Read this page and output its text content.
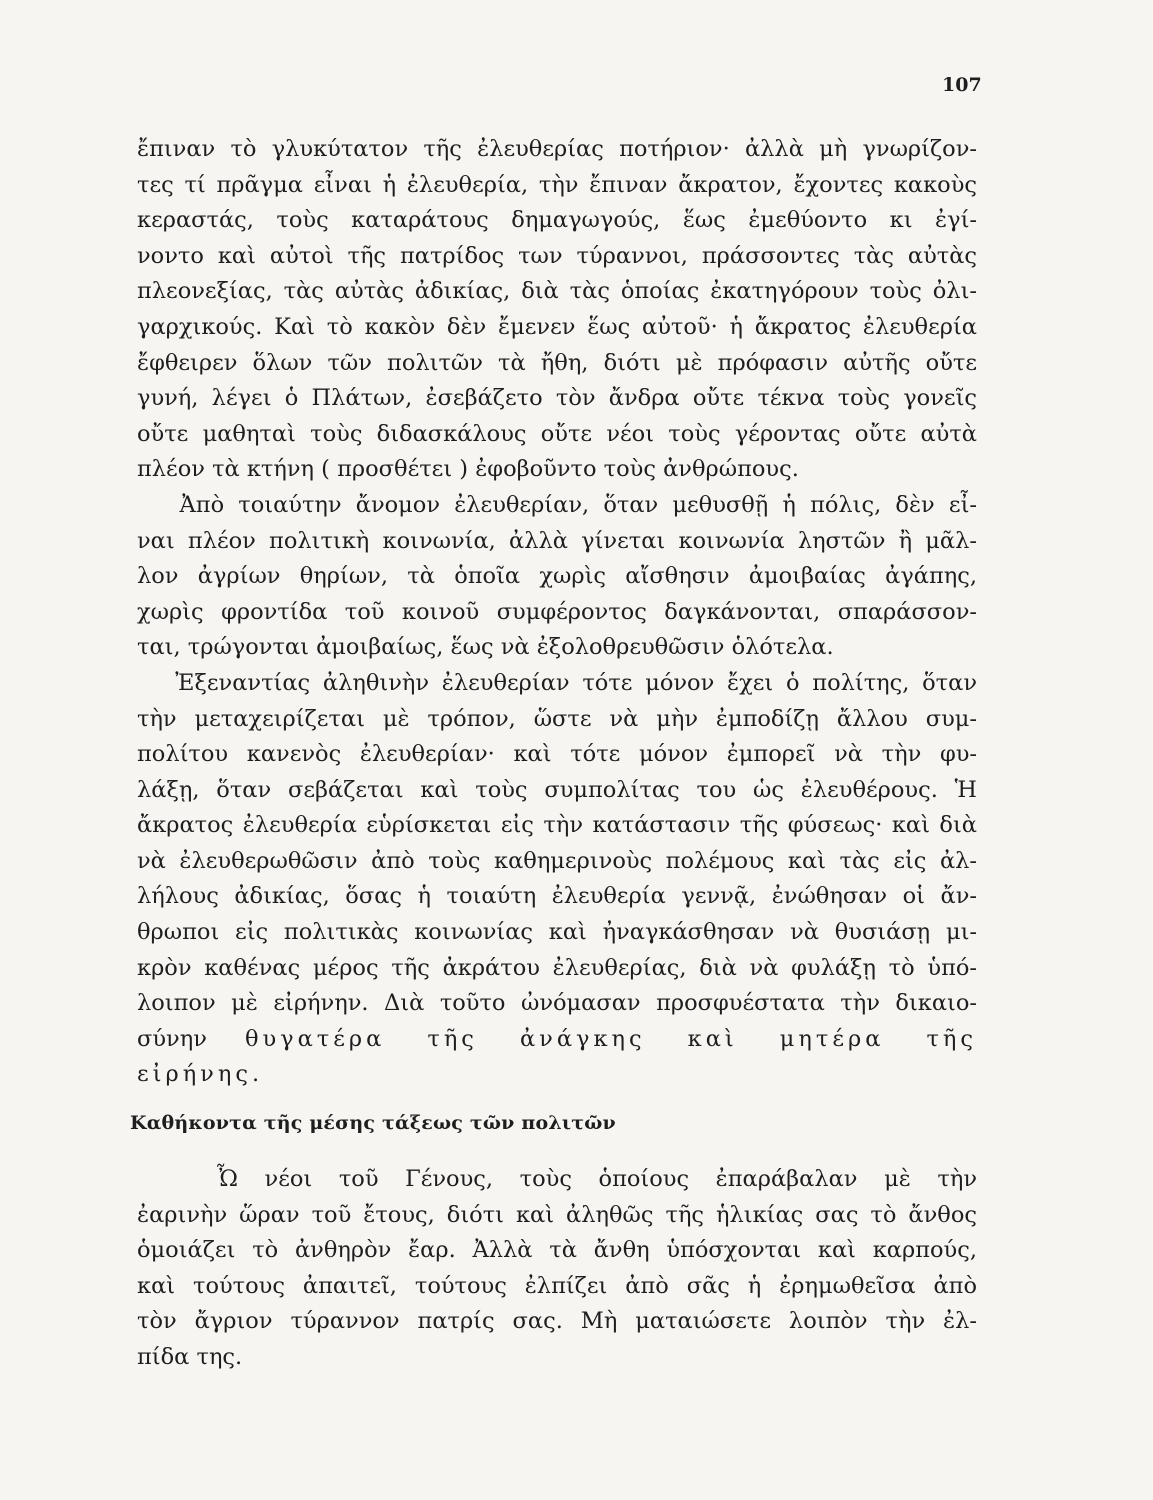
107
ἔπιναν τὸ γλυκύτατον τῆς ἐλευθερίας ποτήριον· ἀλλὰ μὴ γνωρίζον-
τες τί πρᾶγμα εἶναι ἡ ἐλευθερία, τὴν ἔπιναν ἄκρατον, ἔχοντες κακοὺς
κεραστάς, τοὺς καταράτους δημαγωγούς, ἕως ἐμεθύοντο κι ἐγί-
νοντο καὶ αὐτοὶ τῆς πατρίδος των τύραννοι, πράσσοντες τὰς αὐτὰς
πλεονεξίας, τὰς αὐτὰς ἀδικίας, διὰ τὰς ὁποίας ἐκατηγόρουν τοὺς ὀλι-
γαρχικούς. Καὶ τὸ κακὸν δὲν ἔμενεν ἕως αὐτοῦ· ἡ ἄκρατος ἐλευθερία
ἔφθειρεν ὅλων τῶν πολιτῶν τὰ ἤθη, διότι μὲ πρόφασιν αὐτῆς οὔτε
γυνή, λέγει ὁ Πλάτων, ἐσεβάζετο τὸν ἄνδρα οὔτε τέκνα τοὺς γονεῖς
οὔτε μαθηταὶ τοὺς διδασκάλους οὔτε νέοι τοὺς γέροντας οὔτε αὐτὰ
πλέον τὰ κτήνη ( προσθέτει ) ἐφοβοῦντο τοὺς ἀνθρώπους.
Ἀπὸ τοιαύτην ἄνομον ἐλευθερίαν, ὅταν μεθυσθῇ ἡ πόλις, δὲν εἶ-
ναι πλέον πολιτικὴ κοινωνία, ἀλλὰ γίνεται κοινωνία ληστῶν ἢ μᾶλ-
λον ἀγρίων θηρίων, τὰ ὁποῖα χωρὶς αἴσθησιν ἀμοιβαίας ἀγάπης,
χωρὶς φροντίδα τοῦ κοινοῦ συμφέροντος δαγκάνονται, σπαράσσον-
ται, τρώγονται ἀμοιβαίως, ἕως νὰ ἐξολοθρευθῶσιν ὁλότελα.
Ἐξεναντίας ἀληθινὴν ἐλευθερίαν τότε μόνον ἔχει ὁ πολίτης, ὅταν
τὴν μεταχειρίζεται μὲ τρόπον, ὥστε νὰ μὴν ἐμποδίζῃ ἄλλου συμ-
πολίτου κανενὸς ἐλευθερίαν· καὶ τότε μόνον ἐμπορεῖ νὰ τὴν φυ-
λάξῃ, ὅταν σεβάζεται καὶ τοὺς συμπολίτας του ὡς ἐλευθέρους. Ἡ
ἄκρατος ἐλευθερία εὑρίσκεται εἰς τὴν κατάστασιν τῆς φύσεως· καὶ διὰ
νὰ ἐλευθερωθῶσιν ἀπὸ τοὺς καθημερινοὺς πολέμους καὶ τὰς εἰς ἀλ-
λήλους ἀδικίας, ὅσας ἡ τοιαύτη ἐλευθερία γεννᾷ, ἐνώθησαν οἱ ἄν-
θρωποι εἰς πολιτικὰς κοινωνίας καὶ ἠναγκάσθησαν νὰ θυσιάσῃ μι-
κρὸν καθένας μέρος τῆς ἀκράτου ἐλευθερίας, διὰ νὰ φυλάξῃ τὸ ὑπό-
λοιπον μὲ εἰρήνην. Διὰ τοῦτο ὠνόμασαν προσφυέστατα τὴν δικαιο-
σύνην θυγατέρα τῆς ἀνάγκης καὶ μητέρα τῆς
εἰρήνης.
Καθήκοντα τῆς μέσης τάξεως τῶν πολιτῶν
Ὦ νέοι τοῦ Γένους, τοὺς ὁποίους ἐπαράβαλαν μὲ τὴν
ἐαρινὴν ὥραν τοῦ ἔτους, διότι καὶ ἀληθῶς τῆς ἡλικίας σας τὸ ἄνθος
ὁμοιάζει τὸ ἀνθηρὸν ἔαρ. Ἀλλὰ τὰ ἄνθη ὑπόσχονται καὶ καρπούς,
καὶ τούτους ἀπαιτεῖ, τούτους ἐλπίζει ἀπὸ σᾶς ἡ ἐρημωθεῖσα ἀπὸ
τὸν ἄγριον τύραννον πατρίς σας. Μὴ ματαιώσετε λοιπὸν τὴν ἐλ-
πίδα της.
